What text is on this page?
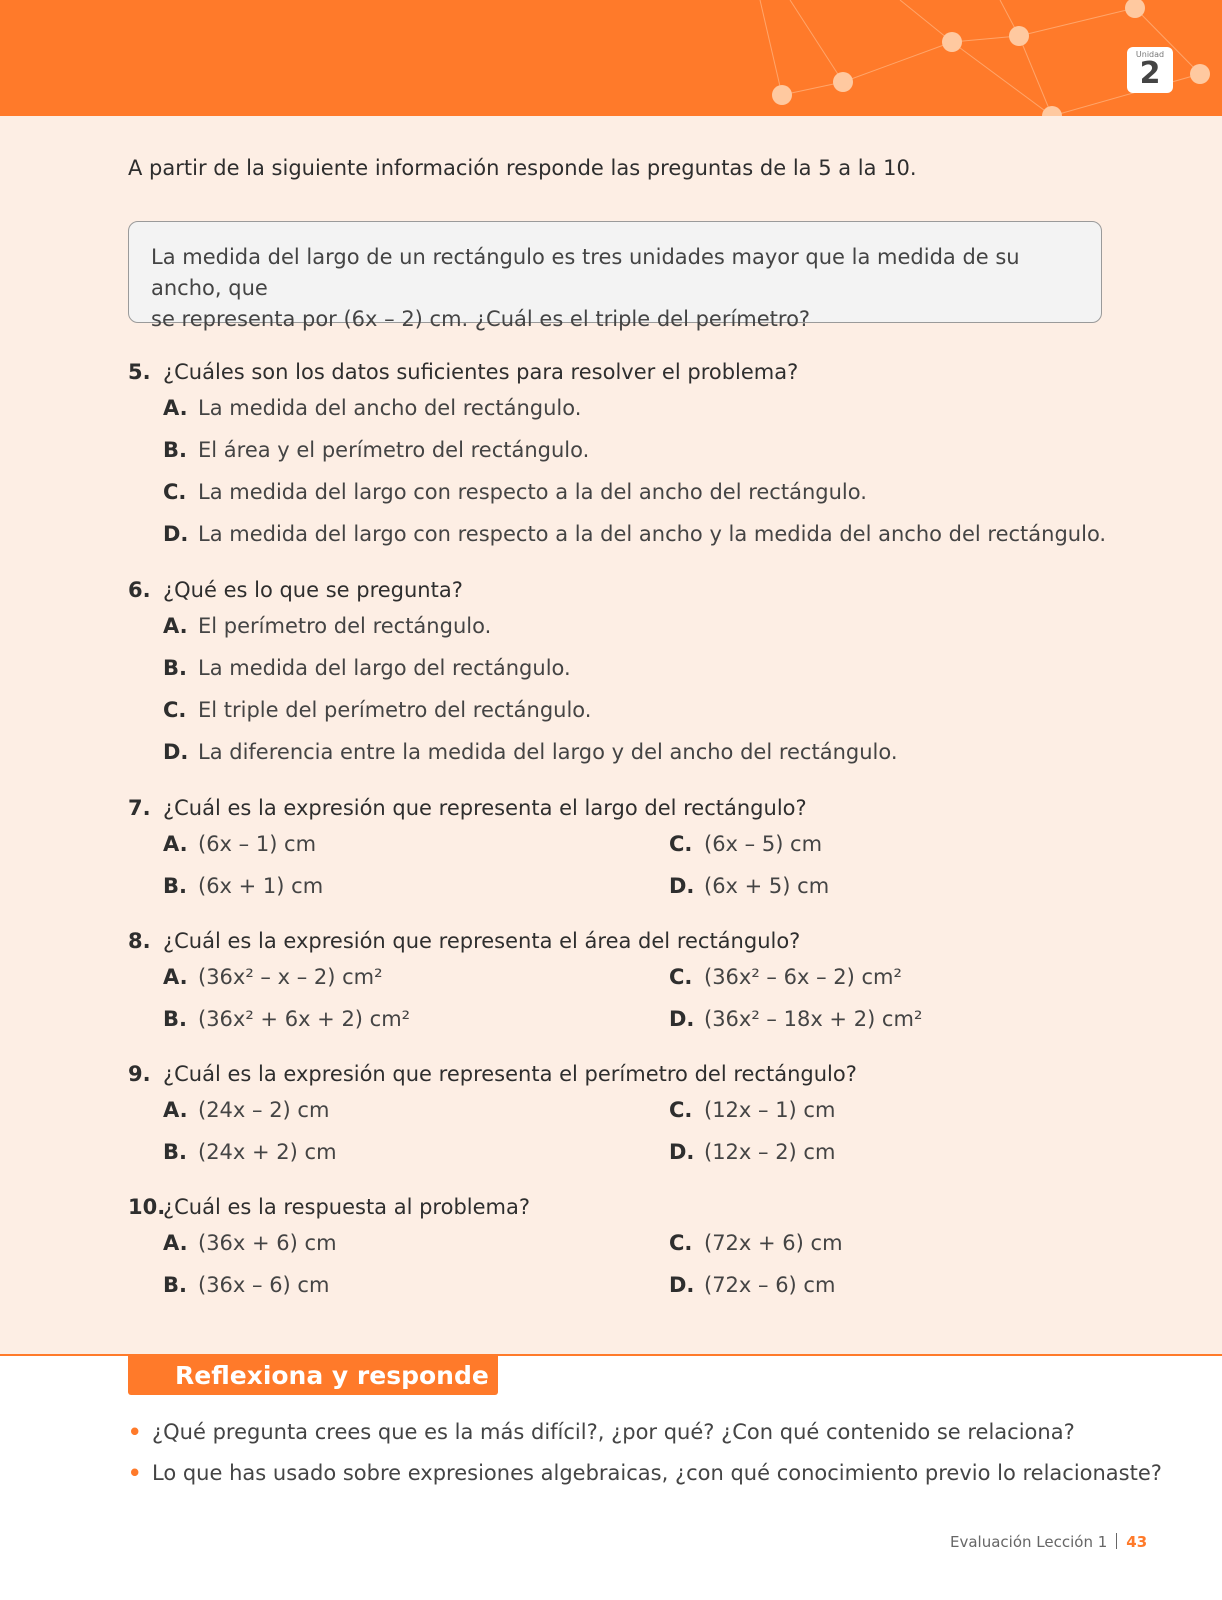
Unidad
2
A partir de la siguiente información responde las preguntas de la 5 a la 10.
La medida del largo de un rectángulo es tres unidades mayor que la medida de su ancho, que
se representa por (6x – 2) cm. ¿Cuál es el triple del perímetro?
5. ¿Cuáles son los datos suficientes para resolver el problema?
A. La medida del ancho del rectángulo.
B. El área y el perímetro del rectángulo.
C. La medida del largo con respecto a la del ancho del rectángulo.
D. La medida del largo con respecto a la del ancho y la medida del ancho del rectángulo.
6. ¿Qué es lo que se pregunta?
A. El perímetro del rectángulo.
B. La medida del largo del rectángulo.
C. El triple del perímetro del rectángulo.
D. La diferencia entre la medida del largo y del ancho del rectángulo.
7. ¿Cuál es la expresión que representa el largo del rectángulo?
A. (6x – 1) cm
B. (6x + 1) cm
C. (6x – 5) cm
D. (6x + 5) cm
8. ¿Cuál es la expresión que representa el área del rectángulo?
A. (36x² – x – 2) cm²
B. (36x² + 6x + 2) cm²
C. (36x² – 6x – 2) cm²
D. (36x² – 18x + 2) cm²
9. ¿Cuál es la expresión que representa el perímetro del rectángulo?
A. (24x – 2) cm
B. (24x + 2) cm
C. (12x – 1) cm
D. (12x – 2) cm
10.¿Cuál es la respuesta al problema?
A. (36x + 6) cm
B. (36x – 6) cm
C. (72x + 6) cm
D. (72x – 6) cm
Reflexiona y responde
• ¿Qué pregunta crees que es la más difícil?, ¿por qué? ¿Con qué contenido se relaciona?
• Lo que has usado sobre expresiones algebraicas, ¿con qué conocimiento previo lo relacionaste?
Evaluación Lección 1 43
